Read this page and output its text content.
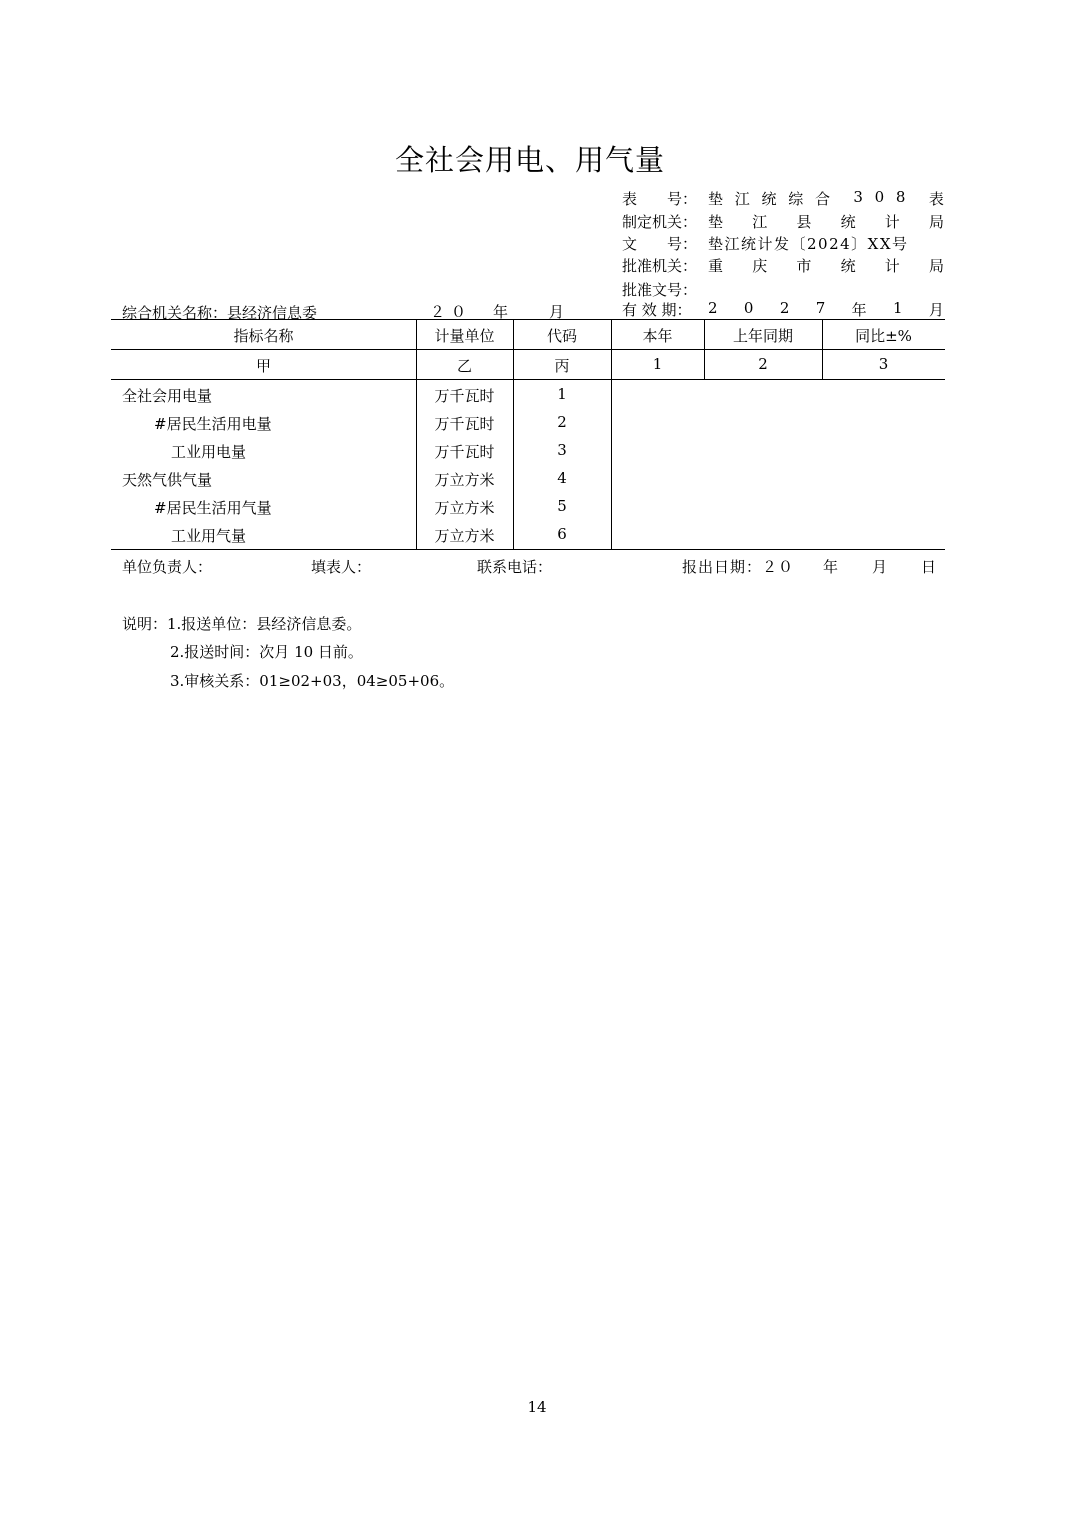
全社会用电、用气量
表　　号： 垫 江 统 综 合 3 0 8 表
制定机关： 垫 江 县 统 计 局
文　　号： 垫江统计发〔2024〕XX号
批准机关： 重 庆 市 统 计 局
批准文号：
有 效 期：	2 0 2 7 年 1 月
综合机关名称：县经济信息委	２０ 年	月
指标名称	计量单位	代码	本年	上年同期	同比±%
甲	乙	丙	1	2	3
全社会用电量	万千瓦时	1
#居民生活用电量	万千瓦时	2
工业用电量	万千瓦时	3
天然气供气量	万立方米	4
#居民生活用气量	万立方米	5
工业用气量	万立方米	6
单位负责人：	填表人：	联系电话：	报出日期：２０ 年 月 日
说明：1.报送单位：县经济信息委。
2.报送时间：次月 10 日前。
3.审核关系：01≥02+03，04≥05+06。
14
